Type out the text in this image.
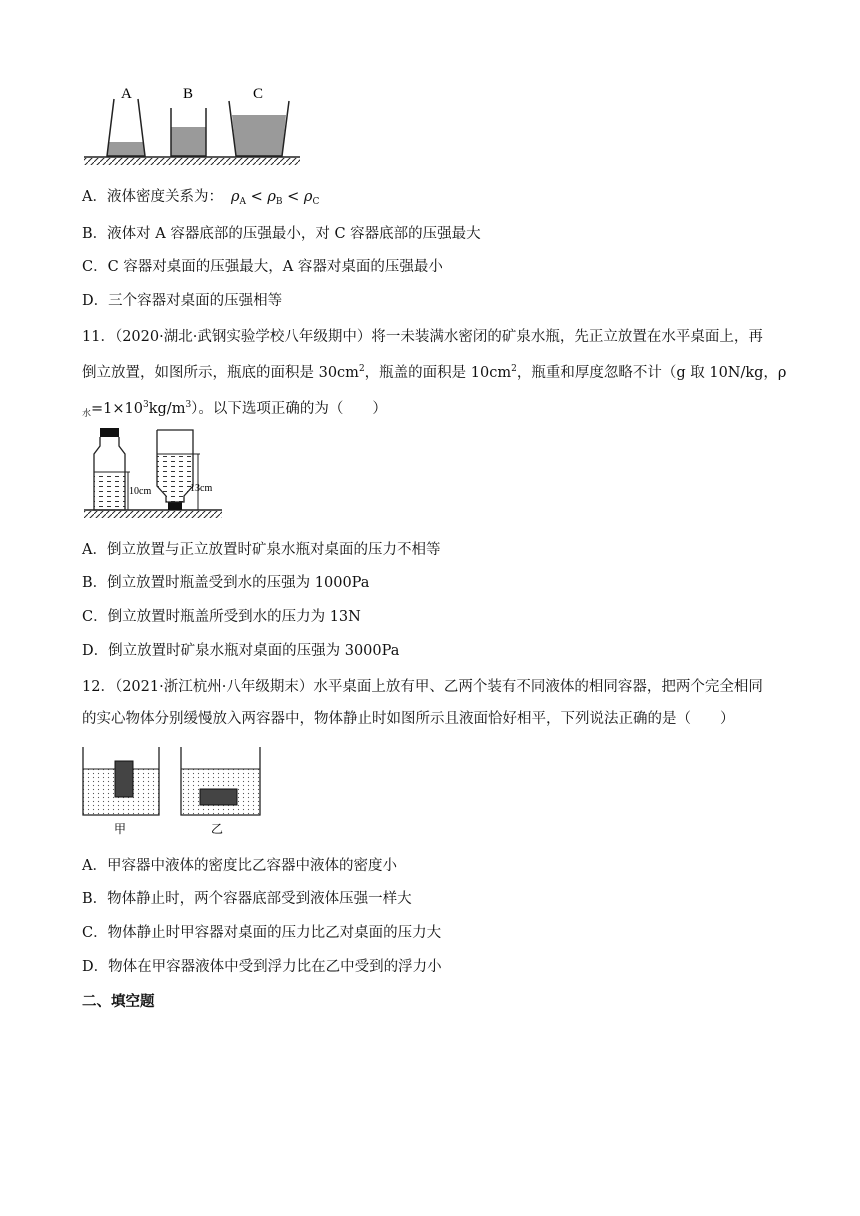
A	B	C
A．液体密度关系为： $\rho_A < \rho_B < \rho_C$
B．液体对 A 容器底部的压强最小，对 C 容器底部的压强最大
C．C 容器对桌面的压强最大，A 容器对桌面的压强最小
D．三个容器对桌面的压强相等

11．（2020·湖北·武钢实验学校八年级期中）将一未装满水密闭的矿泉水瓶，先正立放置在水平桌面上，再

倒立放置，如图所示，瓶底的面积是 $30cm^2$，瓶盖的面积是 $10cm^2$，瓶重和厚度忽略不计（g 取 10N/kg，ρ

$_水=1\times 10^3kg/m^3$）。以下选项正确的为（　　）

10cm	13cm
A．倒立放置与正立放置时矿泉水瓶对桌面的压力不相等
B．倒立放置时瓶盖受到水的压强为 1000Pa
C．倒立放置时瓶盖所受到水的压力为 13N
D．倒立放置时矿泉水瓶对桌面的压强为 3000Pa

12．（2021·浙江杭州·八年级期末）水平桌面上放有甲、乙两个装有不同液体的相同容器，把两个完全相同

的实心物体分别缓慢放入两容器中，物体静止时如图所示且液面恰好相平，下列说法正确的是（　　）

甲	乙
A．甲容器中液体的密度比乙容器中液体的密度小
B．物体静止时，两个容器底部受到液体压强一样大
C．物体静止时甲容器对桌面的压力比乙对桌面的压力大
D．物体在甲容器液体中受到浮力比在乙中受到的浮力小
二、填空题
